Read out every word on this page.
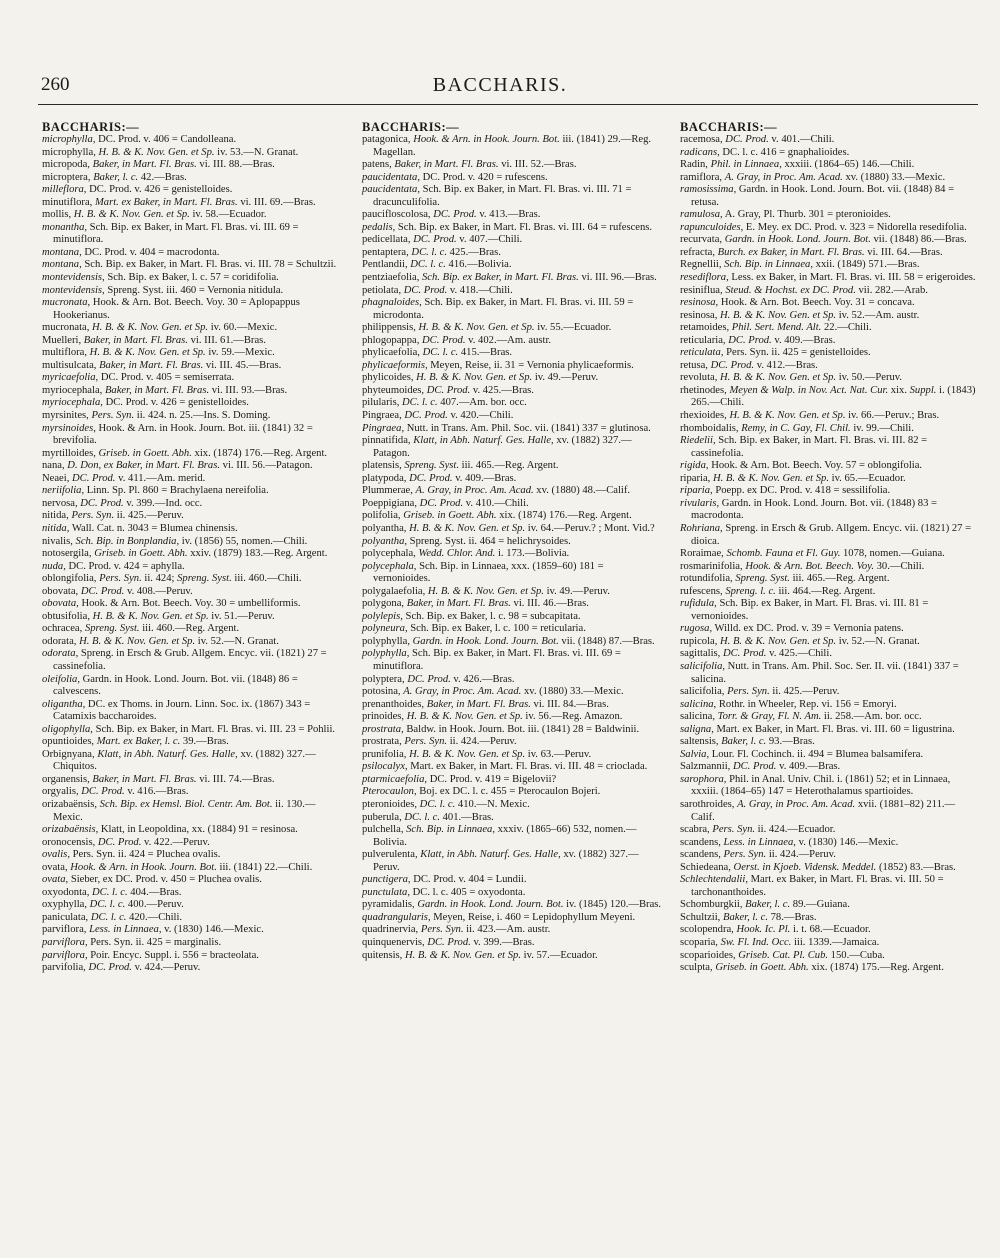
260	BACCHARIS.
BACCHARIS:—

microphylla, DC. Prod. v. 406 = Candolleana.

microphylla, H. B. & K. Nov. Gen. et Sp. iv. 53.—N. Granat.

micropoda, Baker, in Mart. Fl. Bras. vi. III. 88.—Bras.

microptera, Baker, l. c. 42.—Bras.

milleflora, DC. Prod. v. 426 = genistelloides.

minutiflora, Mart. ex Baker, in Mart. Fl. Bras. vi. III. 69.—Bras.

mollis, H. B. & K. Nov. Gen. et Sp. iv. 58.—Ecuador.

monantha, Sch. Bip. ex Baker, in Mart. Fl. Bras. vi. III. 69 = minutiflora.

montana, DC. Prod. v. 404 = macrodonta.

montana, Sch. Bip. ex Baker, in Mart. Fl. Bras. vi. III. 78 = Schultzii.

montevidensis, Sch. Bip. ex Baker, l. c. 57 = coridifolia.

montevidensis, Spreng. Syst. iii. 460 = Vernonia nitidula.

mucronata, Hook. & Arn. Bot. Beech. Voy. 30 = Aplopappus Hookerianus.

mucronata, H. B. & K. Nov. Gen. et Sp. iv. 60.—Mexic.

Muelleri, Baker, in Mart. Fl. Bras. vi. III. 61.—Bras.

multiflora, H. B. & K. Nov. Gen. et Sp. iv. 59.—Mexic.

multisulcata, Baker, in Mart. Fl. Bras. vi. III. 45.—Bras.

myricaefolia, DC. Prod. v. 405 = semiserrata.

myriocephala, Baker, in Mart. Fl. Bras. vi. III. 93.—Bras.

myriocephala, DC. Prod. v. 426 = genistelloides.

myrsinites, Pers. Syn. ii. 424. n. 25.—Ins. S. Doming.

myrsinoides, Hook. & Arn. in Hook. Journ. Bot. iii. (1841) 32 = brevifolia.

myrtilloides, Griseb. in Goett. Abh. xix. (1874) 176.—Reg. Argent.

nana, D. Don, ex Baker, in Mart. Fl. Bras. vi. III. 56.—Patagon.

Neaei, DC. Prod. v. 411.—Am. merid.

neriifolia, Linn. Sp. Pl. 860 = Brachylaena nereifolia.

nervosa, DC. Prod. v. 399.—Ind. occ.

nitida, Pers. Syn. ii. 425.—Peruv.

nitida, Wall. Cat. n. 3043 = Blumea chinensis.

nivalis, Sch. Bip. in Bonplandia, iv. (1856) 55, nomen.—Chili.

notosergila, Griseb. in Goett. Abh. xxiv. (1879) 183.—Reg. Argent.

nuda, DC. Prod. v. 424 = aphylla.

oblongifolia, Pers. Syn. ii. 424; Spreng. Syst. iii. 460.—Chili.

obovata, DC. Prod. v. 408.—Peruv.

obovata, Hook. & Arn. Bot. Beech. Voy. 30 = umbelliformis.

obtusifolia, H. B. & K. Nov. Gen. et Sp. iv. 51.—Peruv.

ochracea, Spreng. Syst. iii. 460.—Reg. Argent.

odorata, H. B. & K. Nov. Gen. et Sp. iv. 52.—N. Granat.

odorata, Spreng. in Ersch & Grub. Allgem. Encyc. vii. (1821) 27 = cassinefolia.

oleifolia, Gardn. in Hook. Lond. Journ. Bot. vii. (1848) 86 = calvescens.

oligantha, DC. ex Thoms. in Journ. Linn. Soc. ix. (1867) 343 = Catamixis baccharoides.

oligophylla, Sch. Bip. ex Baker, in Mart. Fl. Bras. vi. III. 23 = Pohlii.

opuntioides, Mart. ex Baker, l. c. 39.—Bras.

Orbignyana, Klatt, in Abh. Naturf. Ges. Halle, xv. (1882) 327.—Chiquitos.

organensis, Baker, in Mart. Fl. Bras. vi. III. 74.—Bras.

orgyalis, DC. Prod. v. 416.—Bras.

orizabaënsis, Sch. Bip. ex Hemsl. Biol. Centr. Am. Bot. ii. 130.—Mexic.

orizabaënsis, Klatt, in Leopoldina, xx. (1884) 91 = resinosa.

oronocensis, DC. Prod. v. 422.—Peruv.

ovalis, Pers. Syn. ii. 424 = Pluchea ovalis.

ovata, Hook. & Arn. in Hook. Journ. Bot. iii. (1841) 22.—Chili.

ovata, Sieber, ex DC. Prod. v. 450 = Pluchea ovalis.

oxyodonta, DC. l. c. 404.—Bras.

oxyphylla, DC. l. c. 400.—Peruv.

paniculata, DC. l. c. 420.—Chili.

parviflora, Less. in Linnaea, v. (1830) 146.—Mexic.

parviflora, Pers. Syn. ii. 425 = marginalis.

parviflora, Poir. Encyc. Suppl. i. 556 = bracteolata.

parvifolia, DC. Prod. v. 424.—Peruv.

BACCHARIS:—

patagonica, Hook. & Arn. in Hook. Journ. Bot. iii. (1841) 29.—Reg. Magellan.

patens, Baker, in Mart. Fl. Bras. vi. III. 52.—Bras.

paucidentata, DC. Prod. v. 420 = rufescens.

paucidentata, Sch. Bip. ex Baker, in Mart. Fl. Bras. vi. III. 71 = dracunculifolia.

paucifloscolosa, DC. Prod. v. 413.—Bras.

pedalis, Sch. Bip. ex Baker, in Mart. Fl. Bras. vi. III. 64 = rufescens.

pedicellata, DC. Prod. v. 407.—Chili.

pentaptera, DC. l. c. 425.—Bras.

Pentlandii, DC. l. c. 416.—Bolivia.

pentziaefolia, Sch. Bip. ex Baker, in Mart. Fl. Bras. vi. III. 96.—Bras.

petiolata, DC. Prod. v. 418.—Chili.

phagnaloides, Sch. Bip. ex Baker, in Mart. Fl. Bras. vi. III. 59 = microdonta.

philippensis, H. B. & K. Nov. Gen. et Sp. iv. 55.—Ecuador.

phlogopappa, DC. Prod. v. 402.—Am. austr.

phylicaefolia, DC. l. c. 415.—Bras.

phylicaeformis, Meyen, Reise, ii. 31 = Vernonia phylicaeformis.

phylicoides, H. B. & K. Nov. Gen. et Sp. iv. 49.—Peruv.

phyteumoides, DC. Prod. v. 425.—Bras.

pilularis, DC. l. c. 407.—Am. bor. occ.

Pingraea, DC. Prod. v. 420.—Chili.

Pingraea, Nutt. in Trans. Am. Phil. Soc. vii. (1841) 337 = glutinosa.

pinnatifida, Klatt, in Abh. Naturf. Ges. Halle, xv. (1882) 327.—Patagon.

platensis, Spreng. Syst. iii. 465.—Reg. Argent.

platypoda, DC. Prod. v. 409.—Bras.

Plummerae, A. Gray, in Proc. Am. Acad. xv. (1880) 48.—Calif.

Poeppigiana, DC. Prod. v. 410.—Chili.

polifolia, Griseb. in Goett. Abh. xix. (1874) 176.—Reg. Argent.

polyantha, H. B. & K. Nov. Gen. et Sp. iv. 64.—Peruv.? ; Mont. Vid.?

polyantha, Spreng. Syst. ii. 464 = helichrysoides.

polycephala, Wedd. Chlor. And. i. 173.—Bolivia.

polycephala, Sch. Bip. in Linnaea, xxx. (1859–60) 181 = vernonioides.

polygalaefolia, H. B. & K. Nov. Gen. et Sp. iv. 49.—Peruv.

polygona, Baker, in Mart. Fl. Bras. vi. III. 46.—Bras.

polylepis, Sch. Bip. ex Baker, l. c. 98 = subcapitata.

polyneura, Sch. Bip. ex Baker, l. c. 100 = reticularia.

polyphylla, Gardn. in Hook. Lond. Journ. Bot. vii. (1848) 87.—Bras.

polyphylla, Sch. Bip. ex Baker, in Mart. Fl. Bras. vi. III. 69 = minutiflora.

polyptera, DC. Prod. v. 426.—Bras.

potosina, A. Gray, in Proc. Am. Acad. xv. (1880) 33.—Mexic.

prenanthoides, Baker, in Mart. Fl. Bras. vi. III. 84.—Bras.

prinoides, H. B. & K. Nov. Gen. et Sp. iv. 56.—Reg. Amazon.

prostrata, Baldw. in Hook. Journ. Bot. iii. (1841) 28 = Baldwinii.

prostrata, Pers. Syn. ii. 424.—Peruv.

prunifolia, H. B. & K. Nov. Gen. et Sp. iv. 63.—Peruv.

psilocalyx, Mart. ex Baker, in Mart. Fl. Bras. vi. III. 48 = crioclada.

ptarmicaefolia, DC. Prod. v. 419 = Bigelovii?

Pterocaulon, Boj. ex DC. l. c. 455 = Pterocaulon Bojeri.

pteronioides, DC. l. c. 410.—N. Mexic.

puberula, DC. l. c. 401.—Bras.

pulchella, Sch. Bip. in Linnaea, xxxiv. (1865–66) 532, nomen.—Bolivia.

pulverulenta, Klatt, in Abh. Naturf. Ges. Halle, xv. (1882) 327.—Peruv.

punctigera, DC. Prod. v. 404 = Lundii.

punctulata, DC. l. c. 405 = oxyodonta.

pyramidalis, Gardn. in Hook. Lond. Journ. Bot. iv. (1845) 120.—Bras.

quadrangularis, Meyen, Reise, i. 460 = Lepidophyllum Meyeni.

quadrinervia, Pers. Syn. ii. 423.—Am. austr.

quinquenervis, DC. Prod. v. 399.—Bras.

quitensis, H. B. & K. Nov. Gen. et Sp. iv. 57.—Ecuador.

BACCHARIS:—

racemosa, DC. Prod. v. 401.—Chili.

radicans, DC. l. c. 416 = gnaphalioides.

Radin, Phil. in Linnaea, xxxiii. (1864–65) 146.—Chili.

ramiflora, A. Gray, in Proc. Am. Acad. xv. (1880) 33.—Mexic.

ramosissima, Gardn. in Hook. Lond. Journ. Bot. vii. (1848) 84 = retusa.

ramulosa, A. Gray, Pl. Thurb. 301 = pteronioides.

rapunculoides, E. Mey. ex DC. Prod. v. 323 = Nidorella resedifolia.

recurvata, Gardn. in Hook. Lond. Journ. Bot. vii. (1848) 86.—Bras.

refracta, Burch. ex Baker, in Mart. Fl. Bras. vi. III. 64.—Bras.

Regnellii, Sch. Bip. in Linnaea, xxii. (1849) 571.—Bras.

resediflora, Less. ex Baker, in Mart. Fl. Bras. vi. III. 58 = erigeroides.

resiniflua, Steud. & Hochst. ex DC. Prod. vii. 282.—Arab.

resinosa, Hook. & Arn. Bot. Beech. Voy. 31 = concava.

resinosa, H. B. & K. Nov. Gen. et Sp. iv. 52.—Am. austr.

retamoides, Phil. Sert. Mend. Alt. 22.—Chili.

reticularia, DC. Prod. v. 409.—Bras.

reticulata, Pers. Syn. ii. 425 = genistelloides.

retusa, DC. Prod. v. 412.—Bras.

revoluta, H. B. & K. Nov. Gen. et Sp. iv. 50.—Peruv.

rhetinodes, Meyen & Walp. in Nov. Act. Nat. Cur. xix. Suppl. i. (1843) 265.—Chili.

rhexioides, H. B. & K. Nov. Gen. et Sp. iv. 66.—Peruv.; Bras.

rhomboidalis, Remy, in C. Gay, Fl. Chil. iv. 99.—Chili.

Riedelii, Sch. Bip. ex Baker, in Mart. Fl. Bras. vi. III. 82 = cassinefolia.

rigida, Hook. & Arn. Bot. Beech. Voy. 57 = oblongifolia.

riparia, H. B. & K. Nov. Gen. et Sp. iv. 65.—Ecuador.

riparia, Poepp. ex DC. Prod. v. 418 = sessilifolia.

rivularis, Gardn. in Hook. Lond. Journ. Bot. vii. (1848) 83 = macrodonta.

Rohriana, Spreng. in Ersch & Grub. Allgem. Encyc. vii. (1821) 27 = dioica.

Roraimae, Schomb. Fauna et Fl. Guy. 1078, nomen.—Guiana.

rosmarinifolia, Hook. & Arn. Bot. Beech. Voy. 30.—Chili.

rotundifolia, Spreng. Syst. iii. 465.—Reg. Argent.

rufescens, Spreng. l. c. iii. 464.—Reg. Argent.

rufidula, Sch. Bip. ex Baker, in Mart. Fl. Bras. vi. III. 81 = vernonioides.

rugosa, Willd. ex DC. Prod. v. 39 = Vernonia patens.

rupicola, H. B. & K. Nov. Gen. et Sp. iv. 52.—N. Granat.

sagittalis, DC. Prod. v. 425.—Chili.

salicifolia, Nutt. in Trans. Am. Phil. Soc. Ser. II. vii. (1841) 337 = salicina.

salicifolia, Pers. Syn. ii. 425.—Peruv.

salicina, Rothr. in Wheeler, Rep. vi. 156 = Emoryi.

salicina, Torr. & Gray, Fl. N. Am. ii. 258.—Am. bor. occ.

saligna, Mart. ex Baker, in Mart. Fl. Bras. vi. III. 60 = ligustrina.

saltensis, Baker, l. c. 93.—Bras.

Salvia, Lour. Fl. Cochinch. ii. 494 = Blumea balsamifera.

Salzmannii, DC. Prod. v. 409.—Bras.

sarophora, Phil. in Anal. Univ. Chil. i. (1861) 52; et in Linnaea, xxxiii. (1864–65) 147 = Heterothalamus spartioides.

sarothroides, A. Gray, in Proc. Am. Acad. xvii. (1881–82) 211.—Calif.

scabra, Pers. Syn. ii. 424.—Ecuador.

scandens, Less. in Linnaea, v. (1830) 146.—Mexic.

scandens, Pers. Syn. ii. 424.—Peruv.

Schiedeana, Oerst. in Kjoeb. Vidensk. Meddel. (1852) 83.—Bras.

Schlechtendalii, Mart. ex Baker, in Mart. Fl. Bras. vi. III. 50 = tarchonanthoides.

Schomburgkii, Baker, l. c. 89.—Guiana.

Schultzii, Baker, l. c. 78.—Bras.

scolopendra, Hook. Ic. Pl. i. t. 68.—Ecuador.

scoparia, Sw. Fl. Ind. Occ. iii. 1339.—Jamaica.

scoparioides, Griseb. Cat. Pl. Cub. 150.—Cuba.

sculpta, Griseb. in Goett. Abh. xix. (1874) 175.—Reg. Argent.
